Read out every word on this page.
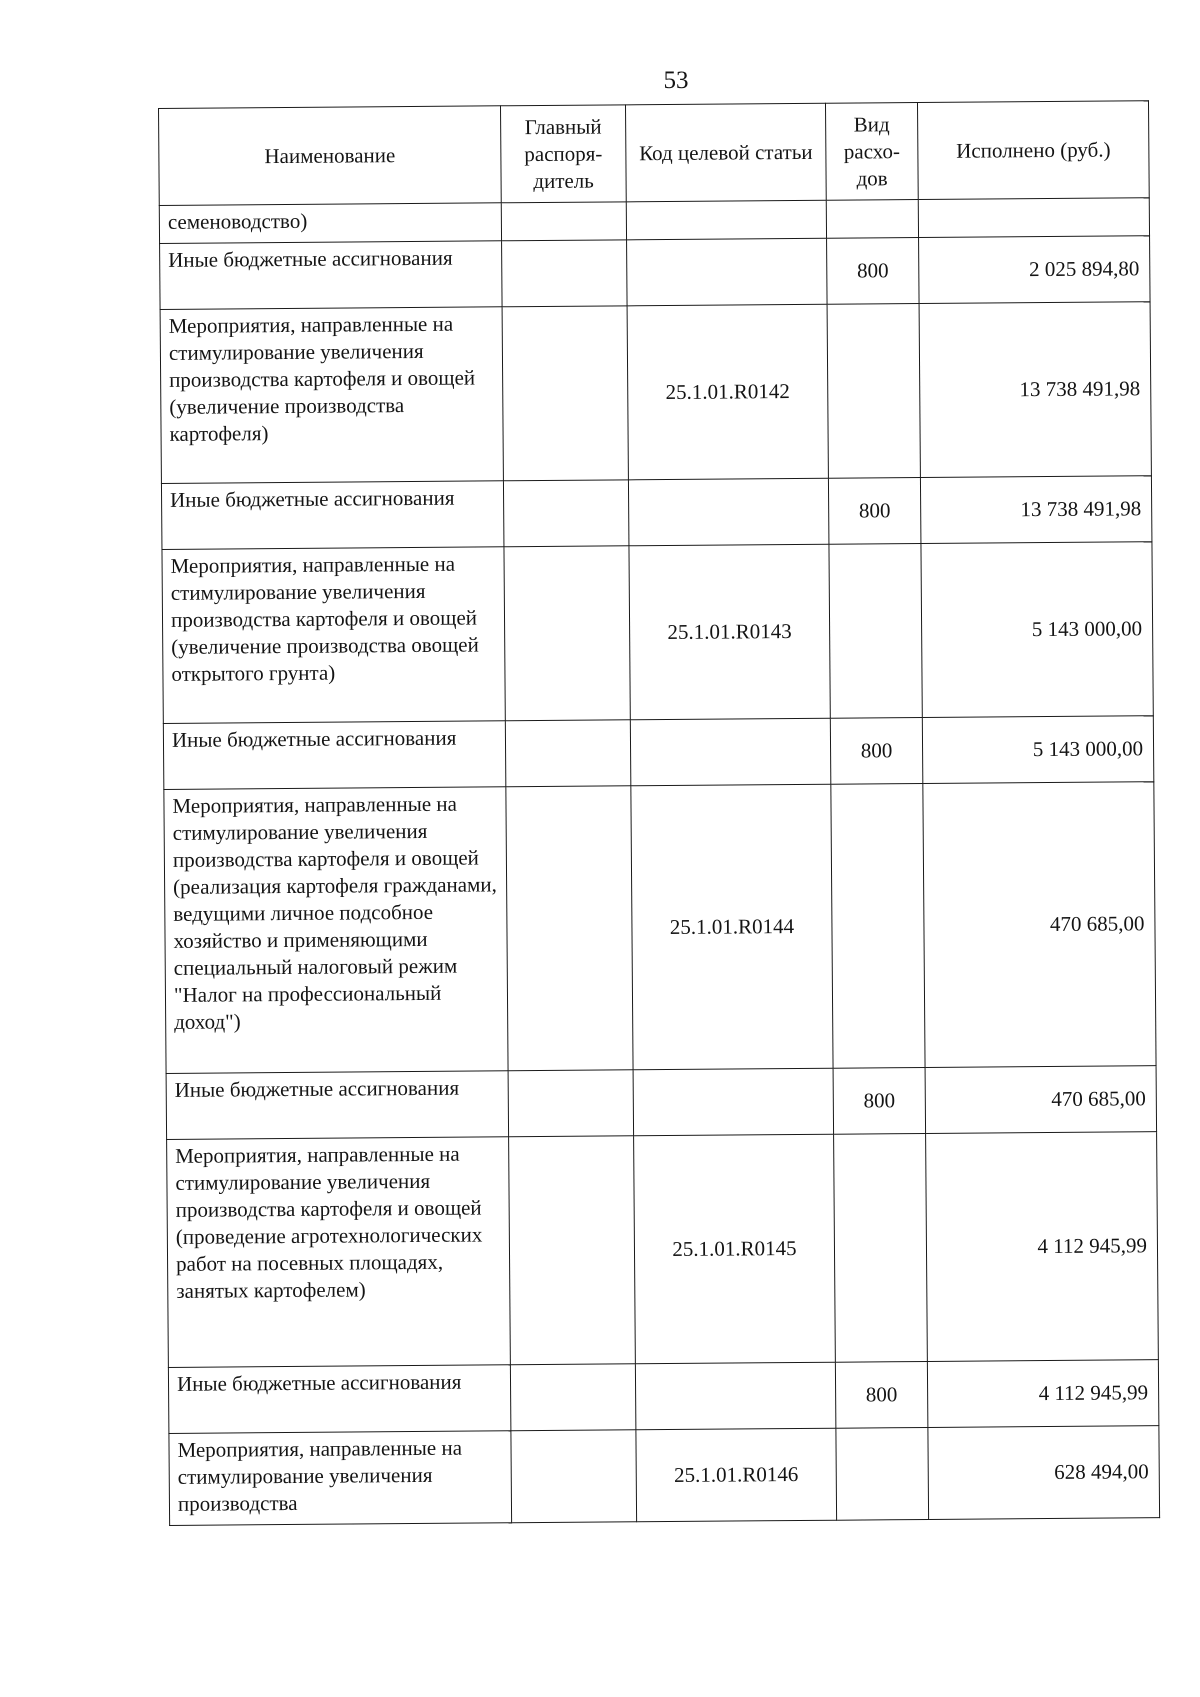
53
Наименование	Главный распоря-дитель	Код целевой статьи	Вид расхо-дов	Исполнено (руб.)
семеноводство)				
Иные бюджетные ассигнования			800	2 025 894,80
Мероприятия, направленные на стимулирование увеличения производства картофеля и овощей (увеличение производства картофеля)		25.1.01.R0142		13 738 491,98
Иные бюджетные ассигнования			800	13 738 491,98
Мероприятия, направленные на стимулирование увеличения производства картофеля и овощей (увеличение производства овощей открытого грунта)		25.1.01.R0143		5 143 000,00
Иные бюджетные ассигнования			800	5 143 000,00
Мероприятия, направленные на стимулирование увеличения производства картофеля и овощей (реализация картофеля гражданами, ведущими личное подсобное хозяйство и применяющими специальный налоговый режим "Налог на профессиональный доход")		25.1.01.R0144		470 685,00
Иные бюджетные ассигнования			800	470 685,00
Мероприятия, направленные на стимулирование увеличения производства картофеля и овощей (проведение агротехнологических работ на посевных площадях, занятых картофелем)		25.1.01.R0145		4 112 945,99
Иные бюджетные ассигнования			800	4 112 945,99
Мероприятия, направленные на стимулирование увеличения производства		25.1.01.R0146		628 494,00
